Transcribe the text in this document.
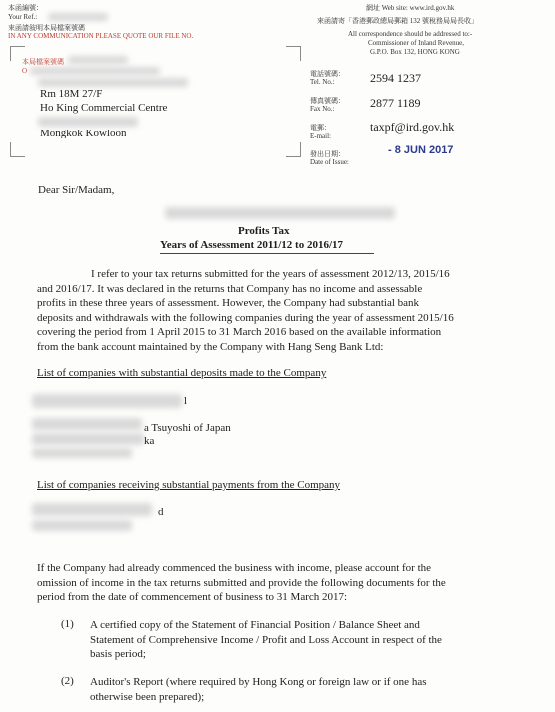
本函編號：
Your Ref.:
來函請敍明本局檔案號碼
IN ANY COMMUNICATION PLEASE QUOTE OUR FILE NO.
本局檔案號碼
O
Rm 18M 27/F
Ho King Commercial Centre
Mongkok Kowloon
網址 Web site: www.ird.gov.hk
來函請寄「香港郵政總局郵箱 132 號稅務局局長收」
All correspondence should be addressed to:-
Commissioner of Inland Revenue,
G.P.O. Box 132, HONG KONG
電話號碼：
Tel. No.:	2594 1237
傳真號碼：
Fax No.:	2877 1189
電郵：
E-mail:
taxpf@ird.gov.hk
發出日期：
Date of Issue:
- 8 JUN 2017
Dear Sir/Madam,
Profits Tax
Years of Assessment 2011/12 to 2016/17
I refer to your tax returns submitted for the years of assessment 2012/13, 2015/16
and 2016/17. It was declared in the returns that Company has no income and assessable
profits in these three years of assessment. However, the Company had substantial bank
deposits and withdrawals with the following companies during the year of assessment 2015/16
covering the period from 1 April 2015 to 31 March 2016 based on the available information
from the bank account maintained by the Company with Hang Seng Bank Ltd:
List of companies with substantial deposits made to the Company
l
a Tsuyoshi of Japan
ka
List of companies receiving substantial payments from the Company
d
If the Company had already commenced the business with income, please account for the
omission of income in the tax returns submitted and provide the following documents for the
period from the date of commencement of business to 31 March 2017:
(1) A certified copy of the Statement of Financial Position / Balance Sheet and
Statement of Comprehensive Income / Profit and Loss Account in respect of the
basis period;
(2) Auditor's Report (where required by Hong Kong or foreign law or if one has
otherwise been prepared);
